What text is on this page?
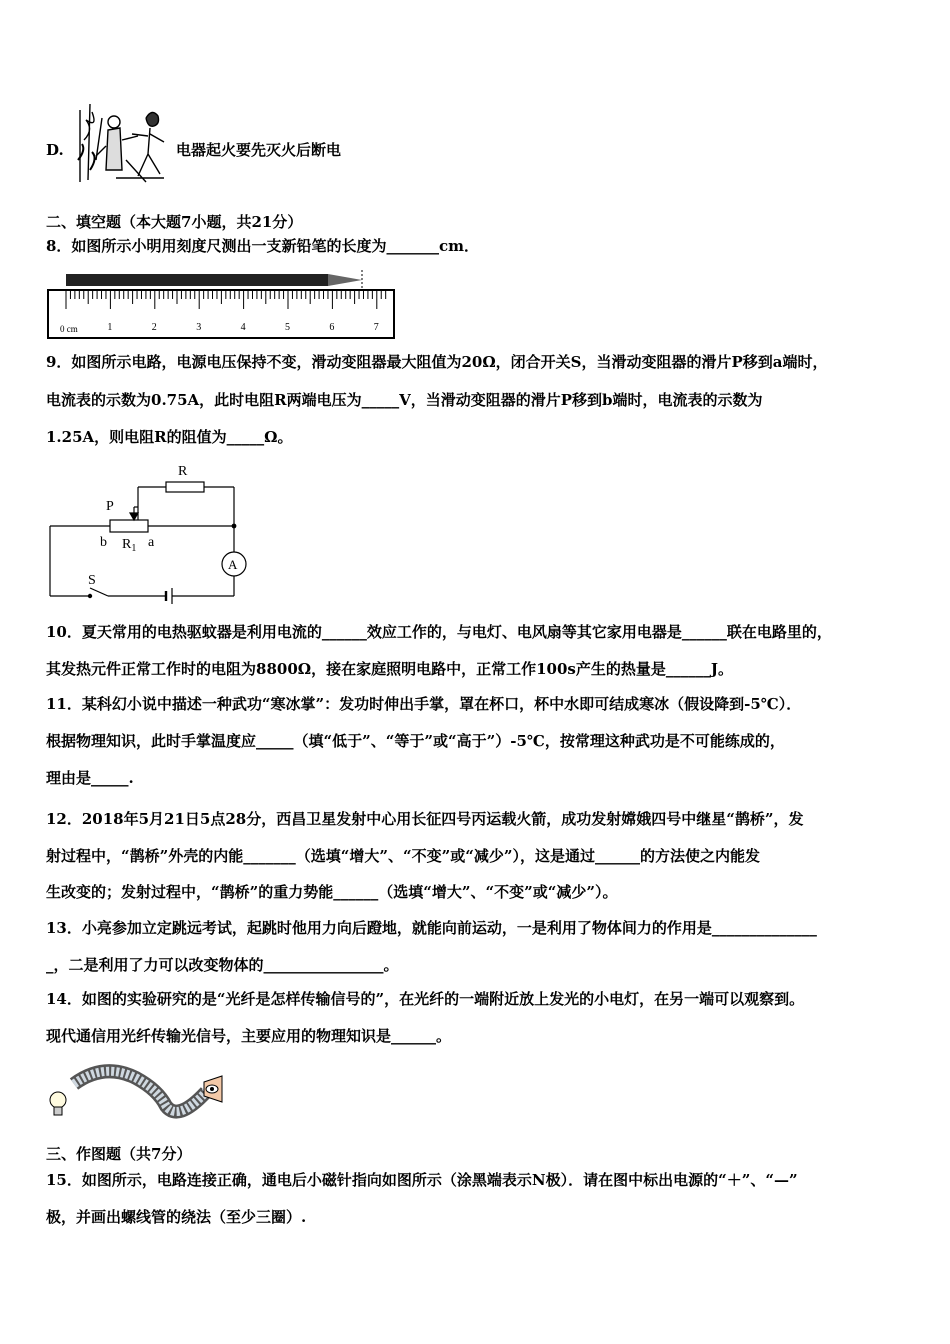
D.	电器起火要先灭火后断电
二、填空题（本大题7小题，共21分）
8．如图所示小明用刻度尺测出一支新铅笔的长度为_______cm．
0 cm	1	2	3	4	5	6	7
9．如图所示电路，电源电压保持不变，滑动变阻器最大阻值为20Ω，闭合开关S，当滑动变阻器的滑片P移到a端时，
电流表的示数为0.75A，此时电阻R两端电压为_____V，当滑动变阻器的滑片P移到b端时，电流表的示数为
1.25A，则电阻R的阻值为_____Ω。
R
P
b $R_1$ a
A
S
10．夏天常用的电热驱蚊器是利用电流的______效应工作的，与电灯、电风扇等其它家用电器是______联在电路里的，
其发热元件正常工作时的电阻为8800Ω，接在家庭照明电路中，正常工作100s产生的热量是______J。
11．某科幻小说中描述一种武功“寒冰掌”：发功时伸出手掌，罩在杯口，杯中水即可结成寒冰（假设降到-5℃）．
根据物理知识，此时手掌温度应_____（填“低于”、“等于”或“高于”）-5℃，按常理这种武功是不可能练成的，
理由是_____.
12．2018年5月21日5点28分，西昌卫星发射中心用长征四号丙运载火箭，成功发射嫦娥四号中继星“鹊桥”，发
射过程中，“鹊桥”外壳的内能_______（选填“增大”、“不变”或“减少”），这是通过______的方法使之内能发
生改变的；发射过程中，“鹊桥”的重力势能______（选填“增大”、“不变”或“减少”）。
13．小亮参加立定跳远考试，起跳时他用力向后蹬地，就能向前运动，一是利用了物体间力的作用是______________
_，二是利用了力可以改变物体的________________。
14．如图的实验研究的是“光纤是怎样传输信号的”，在光纤的一端附近放上发光的小电灯，在另一端可以观察到。
现代通信用光纤传输光信号，主要应用的物理知识是______。
三、作图题（共7分）
15．如图所示，电路连接正确，通电后小磁针指向如图所示（涂黑端表示N极）．请在图中标出电源的“＋”、“—”
极，并画出螺线管的绕法（至少三圈）.
